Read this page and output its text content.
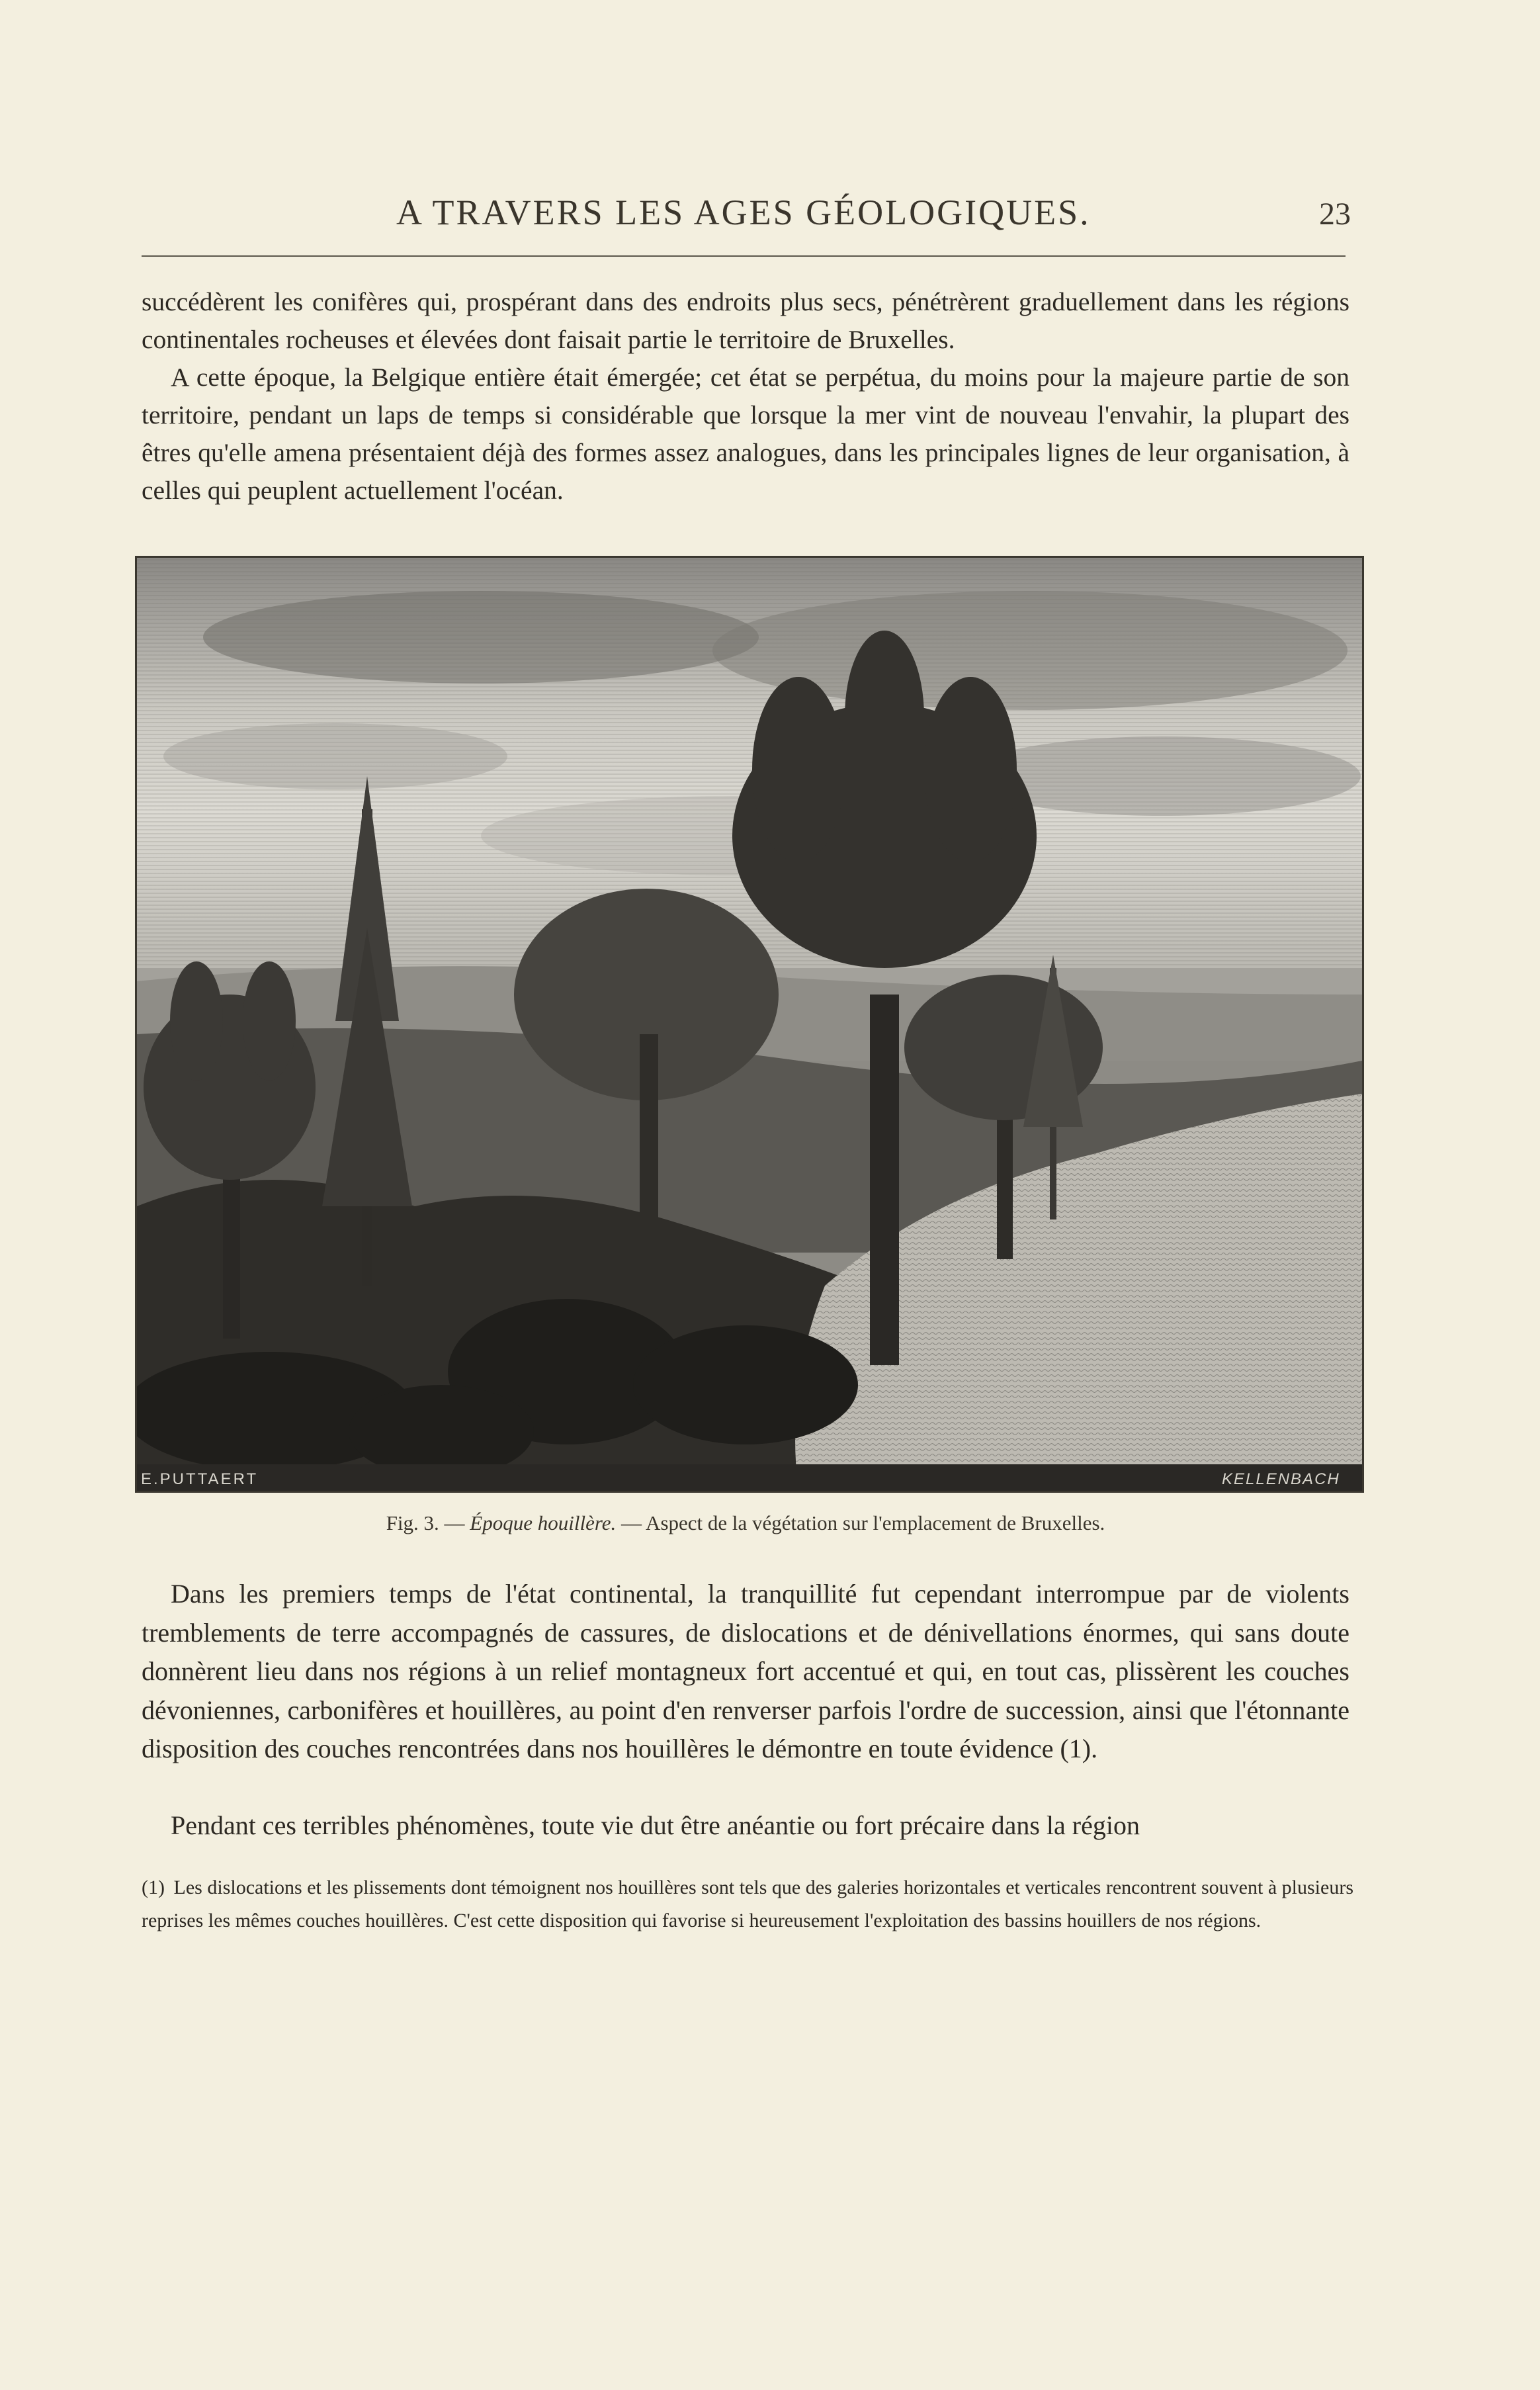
A TRAVERS LES AGES GÉOLOGIQUES.	23

succédèrent les conifères qui, prospérant dans des endroits plus secs, pénétrèrent graduellement dans les régions continentales rocheuses et élevées dont faisait partie le territoire de Bruxelles.

A cette époque, la Belgique entière était émergée; cet état se perpétua, du moins pour la majeure partie de son territoire, pendant un laps de temps si considérable que lorsque la mer vint de nouveau l'envahir, la plupart des êtres qu'elle amena présentaient déjà des formes assez analogues, dans les principales lignes de leur organisation, à celles qui peuplent actuellement l'océan.

E.PUTTAERT	KELLENBACH
Fig. 3. — Époque houillère. — Aspect de la végétation sur l'emplacement de Bruxelles.

Dans les premiers temps de l'état continental, la tranquillité fut cependant interrompue par de violents tremblements de terre accompagnés de cassures, de dislocations et de dénivellations énormes, qui sans doute donnèrent lieu dans nos régions à un relief montagneux fort accentué et qui, en tout cas, plissèrent les couches dévoniennes, carbonifères et houillères, au point d'en renverser parfois l'ordre de succession, ainsi que l'étonnante disposition des couches rencontrées dans nos houillères le démontre en toute évidence (1).

Pendant ces terribles phénomènes, toute vie dut être anéantie ou fort précaire dans la région

(1) Les dislocations et les plissements dont témoignent nos houillères sont tels que des galeries horizontales et verticales rencontrent souvent à plusieurs reprises les mêmes couches houillères. C'est cette disposition qui favorise si heureusement l'exploitation des bassins houillers de nos régions.
